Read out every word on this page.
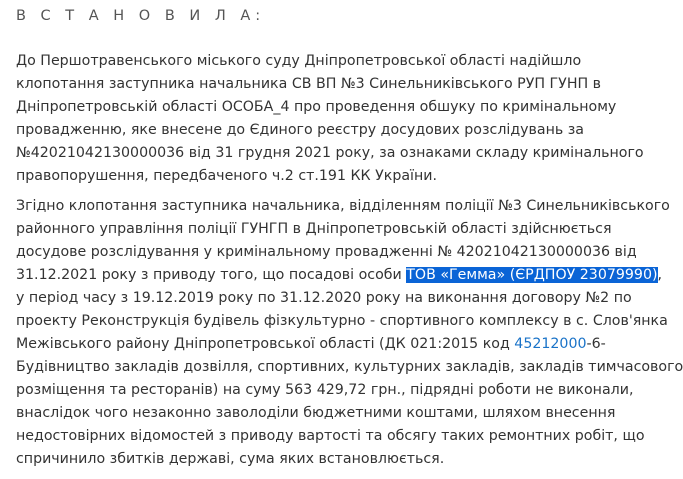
В С Т А Н О В И Л А:
До Першотравенського міського суду Дніпропетровської області надійшло
клопотання заступника начальника СВ ВП №3 Синельниківського РУП ГУНП в
Дніпропетровській області ОСОБА_4 про проведення обшуку по кримінальному
провадженню, яке внесене до Єдиного реєстру досудових розслідувань за
№42021042130000036 від 31 грудня 2021 року, за ознаками складу кримінального
правопорушення, передбаченого ч.2 ст.191 КК України.
Згідно клопотання заступника начальника, відділенням поліції №3 Синельниківського
районного управління поліції ГУНГП в Дніпропетровській області здійснюється
досудове розслідування у кримінальному провадженні № 42021042130000036 від
31.12.2021 року з приводу того, що посадові особи ТОВ «Гемма» (ЄРДПОУ 23079990),
у період часу з 19.12.2019 року по 31.12.2020 року на виконання договору №2 по
проекту Реконструкція будівель фізкультурно - спортивного комплексу в с. Слов'янка
Межівського району Дніпропетровської області (ДК 021:2015 код 45212000-6-
Будівництво закладів дозвілля, спортивних, культурних закладів, закладів тимчасового
розміщення та ресторанів) на суму 563 429,72 грн., підрядні роботи не виконали,
внаслідок чого незаконно заволоділи бюджетними коштами, шляхом внесення
недостовірних відомостей з приводу вартості та обсягу таких ремонтних робіт, що
спричинило збитків державі, сума яких встановлюється.
